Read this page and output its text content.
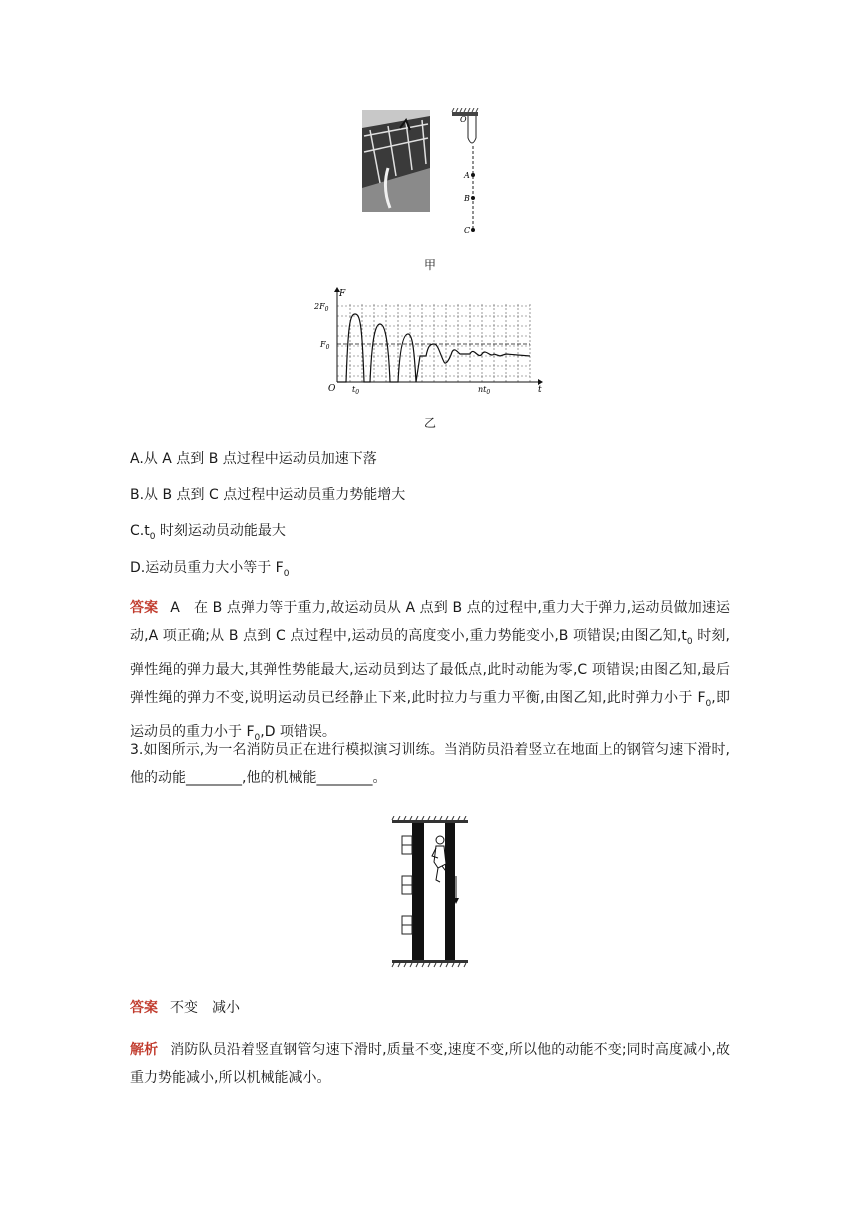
O
A
B
C
甲
F
t
O
$2F_0$
$F_0$
$t_0$	$nt_0$
乙
A.从 A 点到 B 点过程中运动员加速下落
B.从 B 点到 C 点过程中运动员重力势能增大
$C.t_0$ 时刻运动员动能最大
D.运动员重力大小等于 $F_0$
答案 A 在 B 点弹力等于重力,故运动员从 A 点到 B 点的过程中,重力大于弹力,运动员做加速运动,A 项正确;从 B 点到 C 点过程中,运动员的高度变小,重力势能变小,B 项错误;由图乙知$,t_0$ 时刻,弹性绳的弹力最大,其弹性势能最大,运动员到达了最低点,此时动能为零,C 项错误;由图乙知,最后弹性绳的弹力不变,说明运动员已经静止下来,此时拉力与重力平衡,由图乙知,此时弹力小于 $F_0$,即运动员的重力小于 $F_0,D$ 项错误。
3.如图所示,为一名消防员正在进行模拟演习训练。当消防员沿着竖立在地面上的钢管匀速下滑时,他的动能________,他的机械能________。
答案 不变　减小
解析 消防队员沿着竖直钢管匀速下滑时,质量不变,速度不变,所以他的动能不变;同时高度减小,故重力势能减小,所以机械能减小。
